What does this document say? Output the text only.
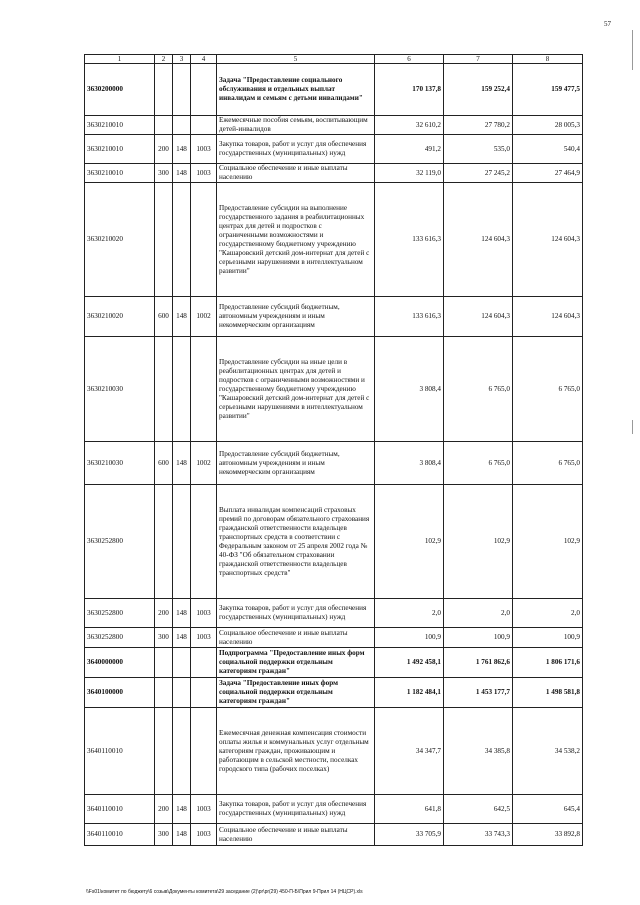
57
1	2	3	4	5	6	7	8
3630200000				Задача "Предоставление социального обслуживания и отдельных выплат инвалидам и семьям с детьми инвалидами"	170 137,8	159 252,4	159 477,5
3630210010				Ежемесячные пособия семьям, воспитывающим детей-инвалидов	32 610,2	27 780,2	28 005,3
3630210010	200	148	1003	Закупка товаров, работ и услуг для обеспечения государственных (муниципальных) нужд	491,2	535,0	540,4
3630210010	300	148	1003	Социальное обеспечение и иные выплаты населению	32 119,0	27 245,2	27 464,9
3630210020				Предоставление субсидии на выполнение государственного задания в реабилитационных центрах для детей и подростков с ограниченными возможностями и государственному бюджетному учреждению "Кашаровский детский дом-интернат для детей с серьезными нарушениями в интеллектуальном развитии"	133 616,3	124 604,3	124 604,3
3630210020	600	148	1002	Предоставление субсидий бюджетным, автономным учреждениям и иным некоммерческим организациям	133 616,3	124 604,3	124 604,3
3630210030				Предоставление субсидии на иные цели в реабилитационных центрах для детей и подростков с ограниченными возможностями и государственному бюджетному учреждению "Кашаровский детский дом-интернат для детей с серьезными нарушениями в интеллектуальном развитии"	3 808,4	6 765,0	6 765,0
3630210030	600	148	1002	Предоставление субсидий бюджетным, автономным учреждениям и иным некоммерческим организациям	3 808,4	6 765,0	6 765,0
3630252800				Выплата инвалидам компенсаций страховых премий по договорам обязательного страхования гражданской ответственности владельцев транспортных средств в соответствии с Федеральным законом от 25 апреля 2002 года № 40-ФЗ "Об обязательном страховании гражданской ответственности владельцев транспортных средств"	102,9	102,9	102,9
3630252800	200	148	1003	Закупка товаров, работ и услуг для обеспечения государственных (муниципальных) нужд	2,0	2,0	2,0
3630252800	300	148	1003	Социальное обеспечение и иные выплаты населению	100,9	100,9	100,9
3640000000				Подпрограмма "Предоставление иных форм социальной поддержки отдельным категориям граждан"	1 492 458,1	1 761 862,6	1 806 171,6
3640100000				Задача "Предоставление иных форм социальной поддержки отдельным категориям граждан"	1 182 484,1	1 453 177,7	1 498 581,8
3640110010				Ежемесячная денежная компенсация стоимости оплаты жилья и коммунальных услуг отдельным категориям граждан, проживающим и работающим в сельской местности, поселках городского типа (рабочих поселках)	34 347,7	34 385,8	34 538,2
3640110010	200	148	1003	Закупка товаров, работ и услуг для обеспечения государственных (муниципальных) нужд	641,8	642,5	645,4
3640110010	300	148	1003	Социальное обеспечение и иные выплаты населению	33 705,9	33 743,3	33 892,8
\\Fs01\комитет по бюджету\6 созыв\Документы комитета\29 заседание (2)\pr\pr(29) 450-П-Б\Прил 9-Прил 14 (НЦСР).xls
